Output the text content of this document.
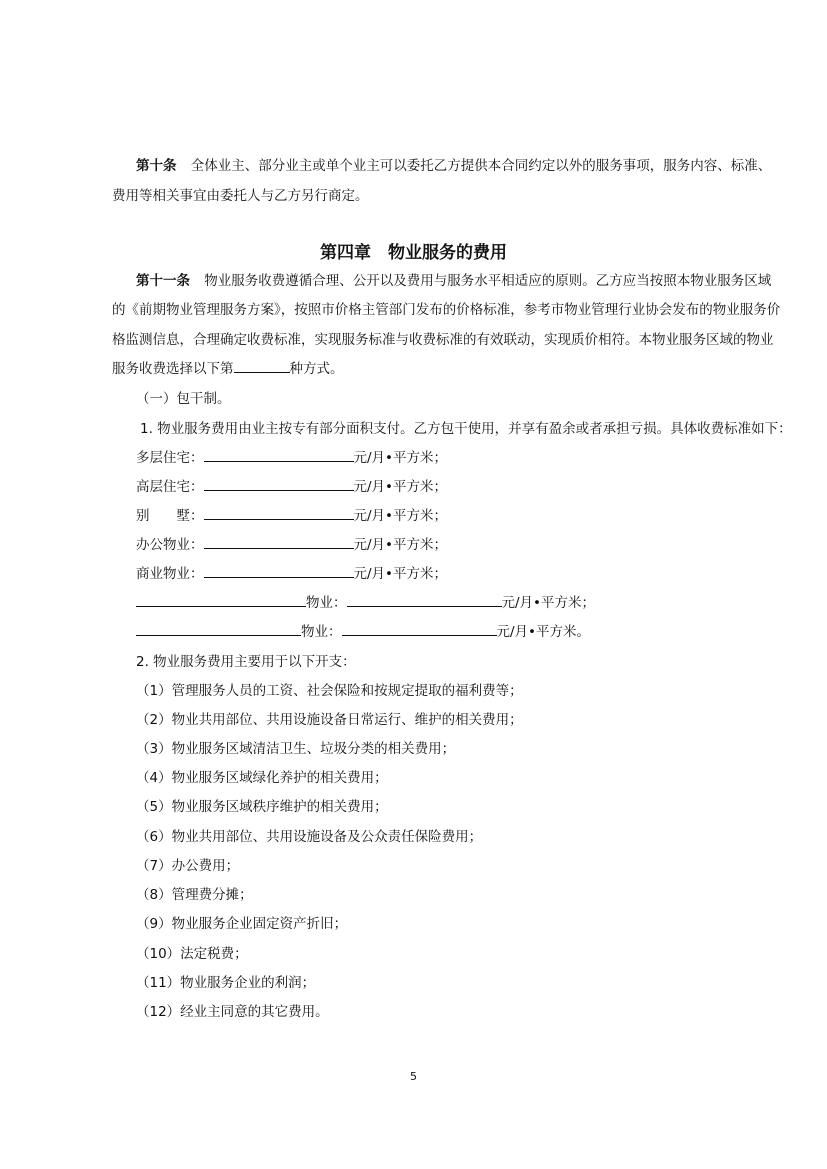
第十条 全体业主、部分业主或单个业主可以委托乙方提供本合同约定以外的服务事项，服务内容、标准、
费用等相关事宜由委托人与乙方另行商定。
第四章　物业服务的费用
第十一条 物业服务收费遵循合理、公开以及费用与服务水平相适应的原则。乙方应当按照本物业服务区域
的《前期物业管理服务方案》，按照市价格主管部门发布的价格标准，参考市物业管理行业协会发布的物业服务价
格监测信息，合理确定收费标准，实现服务标准与收费标准的有效联动，实现质价相符。本物业服务区域的物业
服务收费选择以下第	种方式。
（一）包干制。
1. 物业服务费用由业主按专有部分面积支付。乙方包干使用，并享有盈余或者承担亏损。具体收费标准如下：
多层住宅：	元/月•平方米；
高层住宅：	元/月•平方米；
别　　墅：	元/月•平方米；
办公物业：	元/月•平方米；
商业物业：	元/月•平方米；
物业：	元/月•平方米；
物业：	元/月•平方米。
2. 物业服务费用主要用于以下开支：
（1）管理服务人员的工资、社会保险和按规定提取的福利费等；
（2）物业共用部位、共用设施设备日常运行、维护的相关费用；
（3）物业服务区域清洁卫生、垃圾分类的相关费用；
（4）物业服务区域绿化养护的相关费用；
（5）物业服务区域秩序维护的相关费用；
（6）物业共用部位、共用设施设备及公众责任保险费用；
（7）办公费用；
（8）管理费分摊；
（9）物业服务企业固定资产折旧；
（10）法定税费；
（11）物业服务企业的利润；
（12）经业主同意的其它费用。
5
